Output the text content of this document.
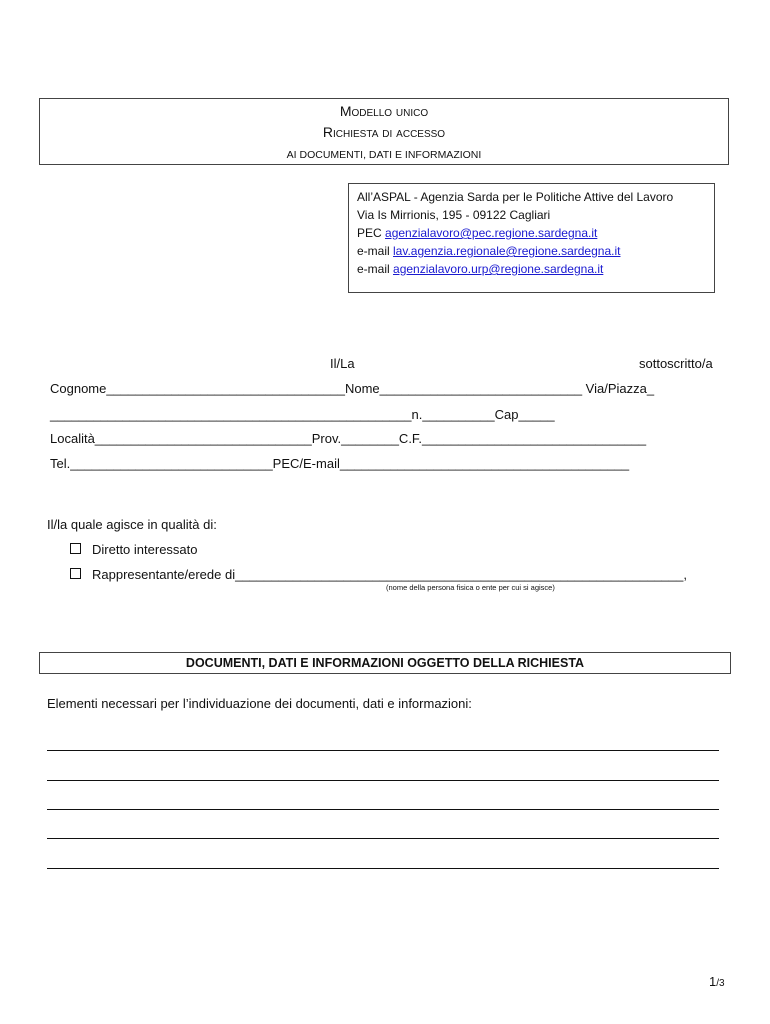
Modello unico
Richiesta di accesso
AI DOCUMENTI, DATI E INFORMAZIONI
All’ASPAL - Agenzia Sarda per le Politiche Attive del Lavoro
Via Is Mirrionis, 195 - 09122 Cagliari
PEC agenzialavoro@pec.regione.sardegna.it
e-mail lav.agenzia.regionale@regione.sardegna.it
e-mail agenzialavoro.urp@regione.sardegna.it
Il/La	sottoscritto/a
Cognome_________________________________Nome____________________________ Via/Piazza_
__________________________________________________n.__________Cap_____
Località______________________________Prov.________C.F._______________________________
Tel.____________________________PEC/E-mail________________________________________
Il/la quale agisce in qualità di:
Diretto interessato
Rappresentante/erede di______________________________________________________________,
(nome della persona fisica o ente per cui si agisce)
DOCUMENTI, DATI E INFORMAZIONI OGGETTO DELLA RICHIESTA
Elementi necessari per l’individuazione dei documenti, dati e informazioni:
1/3
